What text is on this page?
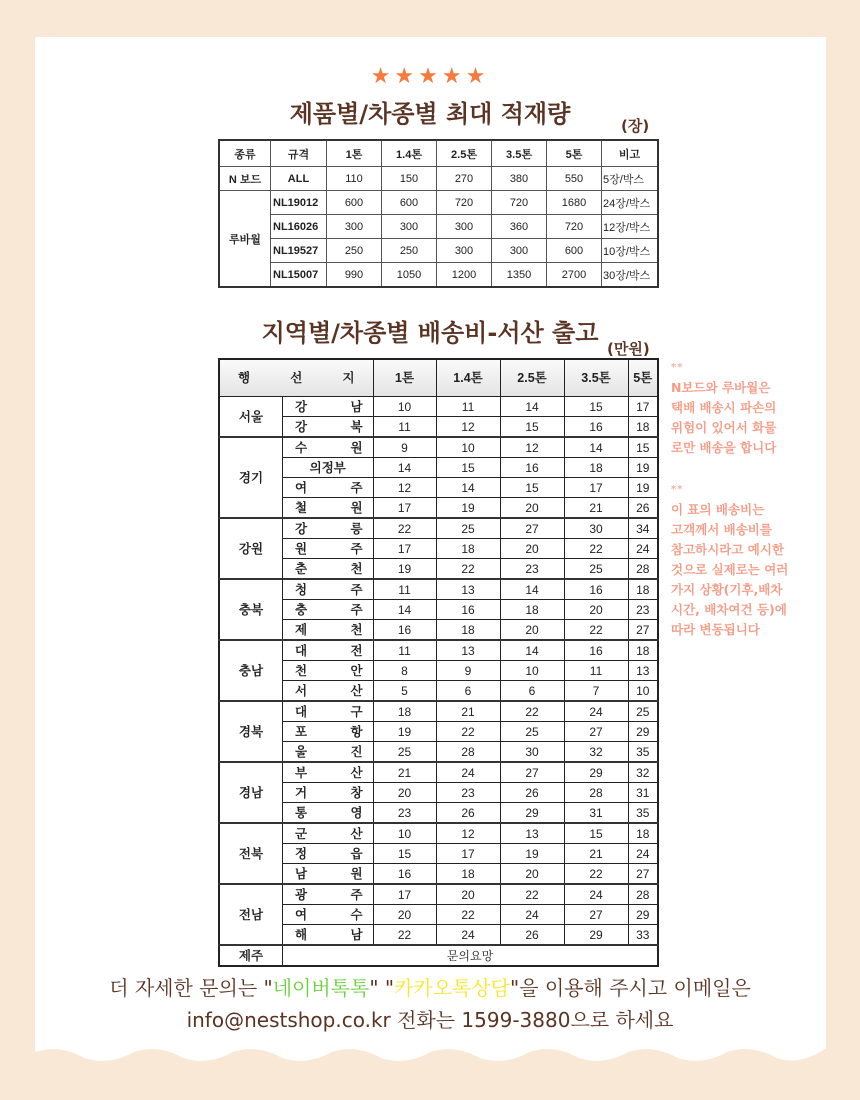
★★★★★
제품별/차종별 최대 적재량	(장)
종류	규격	1톤	1.4톤	2.5톤	3.5톤	5톤	비고
N 보드	ALL	110	150	270	380	550	5장/박스
루바월	NL19012	600	600	720	720	1680	24장/박스
	NL16026	300	300	300	360	720	12장/박스
	NL19527	250	250	300	300	600	10장/박스
	NL15007	990	1050	1200	1350	2700	30장/박스
지역별/차종별 배송비-서산 출고
(만원)
행 선 지		1톤	1.4톤	2.5톤	3.5톤	5톤
서울	강 남	10	11	14	15	17

	강 북	11	12	15	16	18
경기	수 원	9	10	12	14	15

	의정부	14	15	16	18	19

	여 주	12	14	15	17	19

	철 원	17	19	20	21	26
강원	강 릉	22	25	27	30	34

	원 주	17	18	20	22	24

	춘 천	19	22	23	25	28
충북	청 주	11	13	14	16	18

	충 주	14	16	18	20	23

	제 천	16	18	20	22	27
충남	대 전	11	13	14	16	18

	천 안	8	9	10	11	13

	서 산	5	6	6	7	10
경북	대 구	18	21	22	24	25

	포 항	19	22	25	27	29

	울 진	25	28	30	32	35
경남	부 산	21	24	27	29	32

	거 창	20	23	26	28	31

	통 영	23	26	29	31	35
전북	군 산	10	12	13	15	18

	정 읍	15	17	19	21	24

	남 원	16	18	20	22	27
전남	광 주	17	20	22	24	28

	여 수	20	22	24	27	29

	해 남	22	24	26	29	33
제주	문의요망					
**
N보드와 루바월은
택배 배송시 파손의
위험이 있어서 화물
로만 배송을 합니다
**
이 표의 배송비는
고객께서 배송비를
참고하시라고 예시한
것으로 실제로는 여러
가지 상황(기후,배차
시간, 배차여건 등)에
따라 변동됩니다
더 자세한 문의는 "네이버톡톡" "카카오톡상담"을 이용해 주시고 이메일은
info@nestshop.co.kr 전화는 1599-3880으로 하세요
